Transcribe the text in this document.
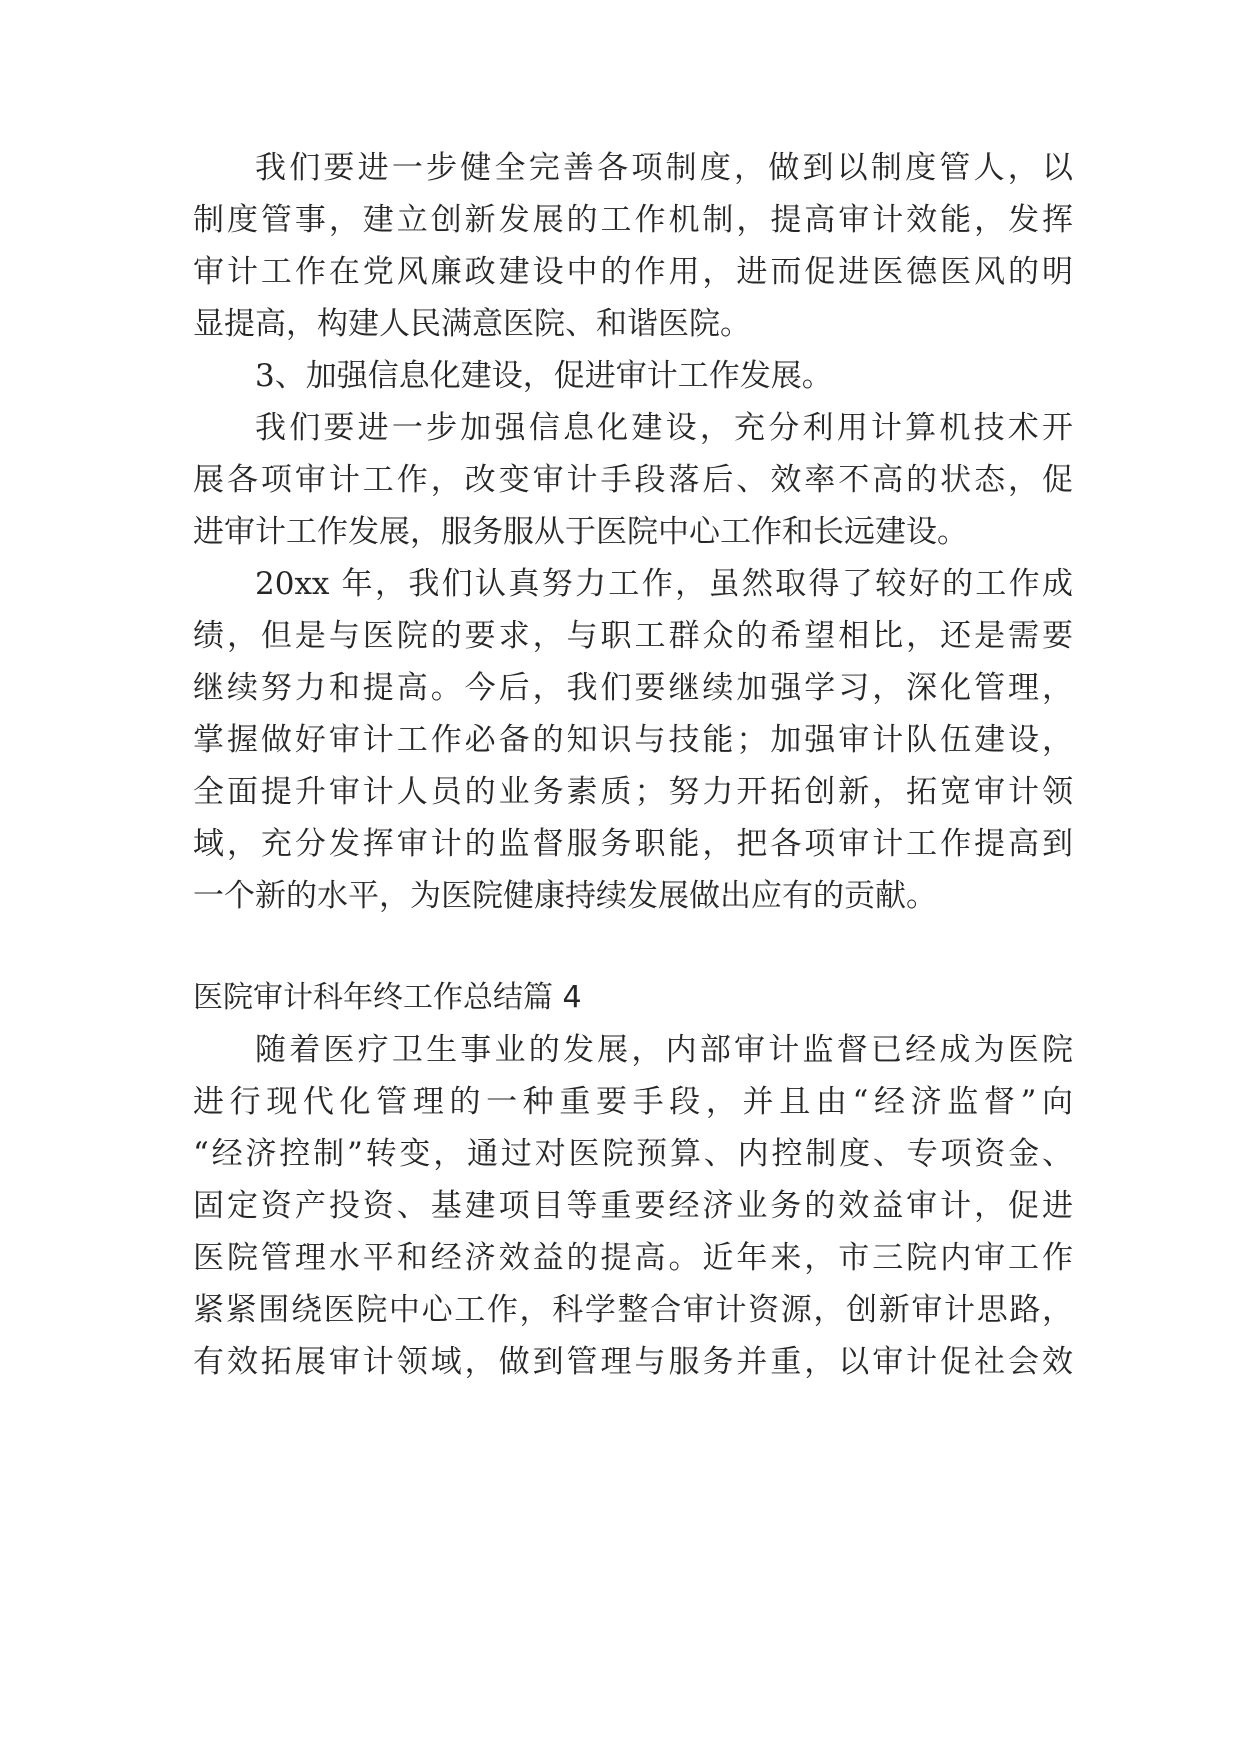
我们要进一步健全完善各项制度，做到以制度管人，以
制度管事，建立创新发展的工作机制，提高审计效能，发挥
审计工作在党风廉政建设中的作用，进而促进医德医风的明
显提高，构建人民满意医院、和谐医院。
3、加强信息化建设，促进审计工作发展。
我们要进一步加强信息化建设，充分利用计算机技术开
展各项审计工作，改变审计手段落后、效率不高的状态，促
进审计工作发展，服务服从于医院中心工作和长远建设。
20xx 年，我们认真努力工作，虽然取得了较好的工作成
绩，但是与医院的要求，与职工群众的希望相比，还是需要
继续努力和提高。今后，我们要继续加强学习，深化管理，
掌握做好审计工作必备的知识与技能；加强审计队伍建设，
全面提升审计人员的业务素质；努力开拓创新，拓宽审计领
域，充分发挥审计的监督服务职能，把各项审计工作提高到
一个新的水平，为医院健康持续发展做出应有的贡献。
医院审计科年终工作总结篇 4
随着医疗卫生事业的发展，内部审计监督已经成为医院
进行现代化管理的一种重要手段，并且由“经济监督”向
“经济控制”转变，通过对医院预算、内控制度、专项资金、
固定资产投资、基建项目等重要经济业务的效益审计，促进
医院管理水平和经济效益的提高。近年来，市三院内审工作
紧紧围绕医院中心工作，科学整合审计资源，创新审计思路，
有效拓展审计领域，做到管理与服务并重，以审计促社会效
